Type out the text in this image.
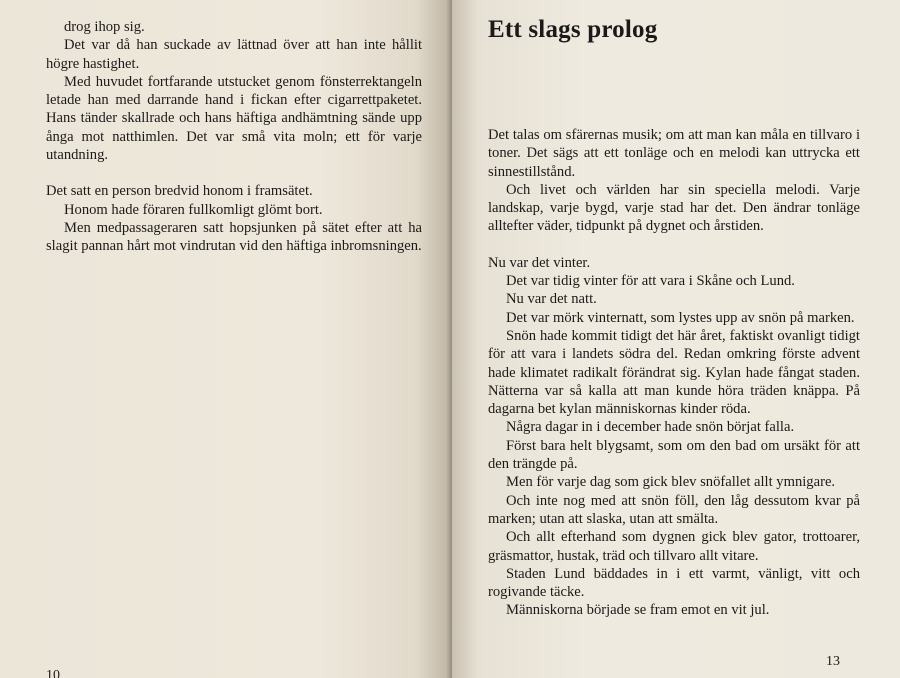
drog ihop sig.

Det var då han suckade av lättnad över att han inte hållit högre hastighet.

Med huvudet fortfarande utstucket genom fönsterrektangeln letade han med darrande hand i fickan efter cigarrettpaketet. Hans tänder skallrade och hans häftiga andhämtning sände upp ånga mot natthimlen. Det var små vita moln; ett för varje utandning.

Det satt en person bredvid honom i framsätet.

Honom hade föraren fullkomligt glömt bort.

Men medpassageraren satt hopsjunken på sätet efter att ha slagit pannan hårt mot vindrutan vid den häftiga inbromsningen.

10
Ett slags prolog

Det talas om sfärernas musik; om att man kan måla en tillvaro i toner. Det sägs att ett tonläge och en melodi kan uttrycka ett sinnestillstånd.

Och livet och världen har sin speciella melodi. Varje landskap, varje bygd, varje stad har det. Den ändrar tonläge alltefter väder, tidpunkt på dygnet och årstiden.

Nu var det vinter.

Det var tidig vinter för att vara i Skåne och Lund.

Nu var det natt.

Det var mörk vinternatt, som lystes upp av snön på marken.

Snön hade kommit tidigt det här året, faktiskt ovanligt tidigt för att vara i landets södra del. Redan omkring förste advent hade klimatet radikalt förändrat sig. Kylan hade fångat staden. Nätterna var så kalla att man kunde höra träden knäppa. På dagarna bet kylan människornas kinder röda.

Några dagar in i december hade snön börjat falla.

Först bara helt blygsamt, som om den bad om ursäkt för att den trängde på.

Men för varje dag som gick blev snöfallet allt ymnigare.

Och inte nog med att snön föll, den låg dessutom kvar på marken; utan att slaska, utan att smälta.

Och allt efterhand som dygnen gick blev gator, trottoarer, gräsmattor, hustak, träd och tillvaro allt vitare.

Staden Lund bäddades in i ett varmt, vänligt, vitt och rogivande täcke.

Människorna började se fram emot en vit jul.

13
